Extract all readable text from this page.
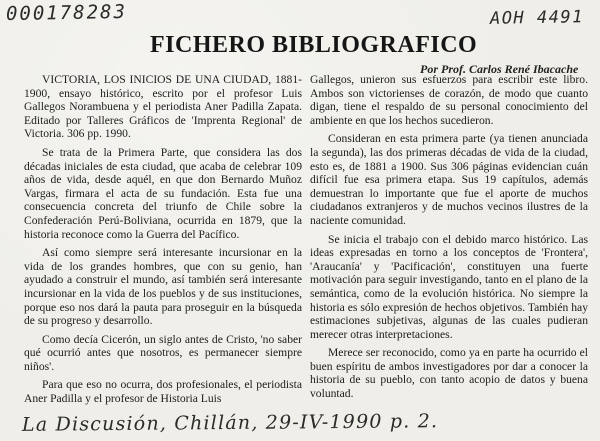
000178283	AOH 4491
FICHERO BIBLIOGRAFICO
Por Prof. Carlos René Ibacache

VICTORIA, LOS INICIOS DE UNA CIUDAD, 1881-1900, ensayo histórico, escrito por el profesor Luis Gallegos Norambuena y el periodista Aner Padilla Zapata. Editado por Talleres Gráficos de 'Imprenta Regional' de Victoria. 306 pp. 1990.

Se trata de la Primera Parte, que considera las dos décadas iniciales de esta ciudad, que acaba de celebrar 109 años de vida, desde aquél, en que don Bernardo Muñoz Vargas, firmara el acta de su fundación. Esta fue una consecuencia concreta del triunfo de Chile sobre la Confederación Perú-Boliviana, ocurrida en 1879, que la historia reconoce como la Guerra del Pacífico.

Así como siempre será interesante incursionar en la vida de los grandes hombres, que con su genio, han ayudado a construir el mundo, así también será interesante incursionar en la vida de los pueblos y de sus instituciones, porque eso nos dará la pauta para proseguir en la búsqueda de su progreso y desarrollo.

Como decía Cicerón, un siglo antes de Cristo, 'no saber qué ocurrió antes que nosotros, es permanecer siempre niños'.

Para que eso no ocurra, dos profesionales, el periodista Aner Padilla y el profesor de Historia Luis

Gallegos, unieron sus esfuerzos para escribir este libro. Ambos son victorienses de corazón, de modo que cuanto digan, tiene el respaldo de su personal conocimiento del ambiente en que los hechos sucedieron.

Consideran en esta primera parte (ya tienen anunciada la segunda), las dos primeras décadas de vida de la ciudad, esto es, de 1881 a 1900. Sus 306 páginas evidencian cuán difícil fue esa primera etapa. Sus 19 capítulos, además demuestran lo importante que fue el aporte de muchos ciudadanos extranjeros y de muchos vecinos ilustres de la naciente comunidad.

Se inicia el trabajo con el debido marco histórico. Las ideas expresadas en torno a los conceptos de 'Frontera', 'Araucanía' y 'Pacificación', constituyen una fuerte motivación para seguir investigando, tanto en el plano de la semántica, como de la evolución histórica. No siempre la historia es sólo expresión de hechos objetivos. También hay estimaciones subjetivas, algunas de las cuales pudieran merecer otras interpretaciones.

Merece ser reconocido, como ya en parte ha ocurrido el buen espíritu de ambos investigadores por dar a conocer la historia de su pueblo, con tanto acopio de datos y buena voluntad.

La Discusión, Chillán, 29-IV-1990 p. 2.
